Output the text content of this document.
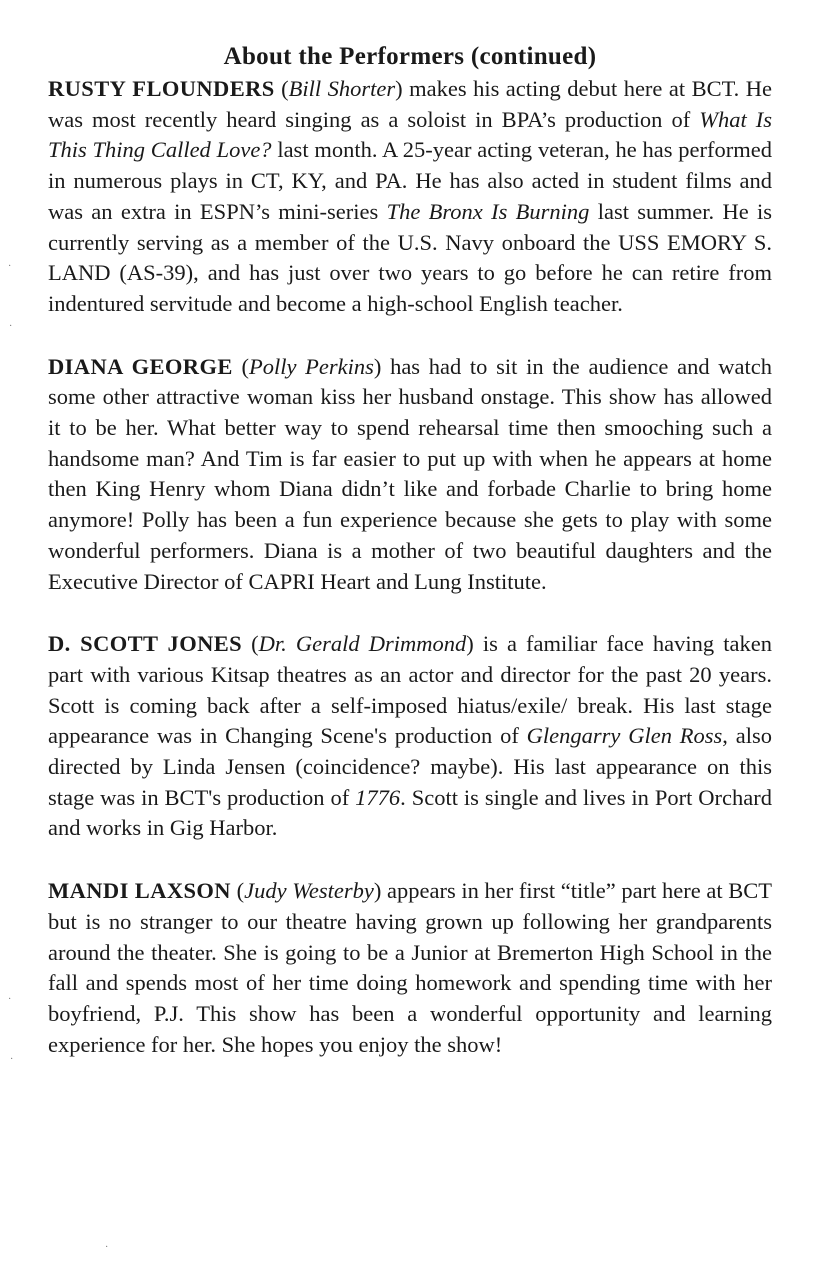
About the Performers (continued)

RUSTY FLOUNDERS (Bill Shorter) makes his acting debut here at BCT. He was most recently heard singing as a soloist in BPA’s production of What Is This Thing Called Love? last month. A 25-year acting veteran, he has performed in numerous plays in CT, KY, and PA. He has also acted in student films and was an extra in ESPN’s mini-series The Bronx Is Burning last summer. He is currently serving as a member of the U.S. Navy onboard the USS EMORY S. LAND (AS-39), and has just over two years to go before he can retire from indentured servitude and become a high-school English teacher.

DIANA GEORGE (Polly Perkins) has had to sit in the audience and watch some other attractive woman kiss her husband onstage. This show has allowed it to be her. What better way to spend rehearsal time then smooching such a handsome man? And Tim is far easier to put up with when he appears at home then King Henry whom Diana didn’t like and forbade Charlie to bring home anymore! Polly has been a fun experience because she gets to play with some wonderful performers. Diana is a mother of two beautiful daughters and the Executive Director of CAPRI Heart and Lung Institute.

D. SCOTT JONES (Dr. Gerald Drimmond) is a familiar face having taken part with various Kitsap theatres as an actor and director for the past 20 years. Scott is coming back after a self-imposed hiatus/exile/ break. His last stage appearance was in Changing Scene's production of Glengarry Glen Ross, also directed by Linda Jensen (coincidence? maybe). His last appearance on this stage was in BCT's production of 1776. Scott is single and lives in Port Orchard and works in Gig Harbor.

MANDI LAXSON (Judy Westerby) appears in her first “title” part here at BCT but is no stranger to our theatre having grown up following her grandparents around the theater. She is going to be a Junior at Bremerton High School in the fall and spends most of her time doing homework and spending time with her boyfriend, P.J. This show has been a wonderful opportunity and learning experience for her. She hopes you enjoy the show!

·
·
·
·
·
